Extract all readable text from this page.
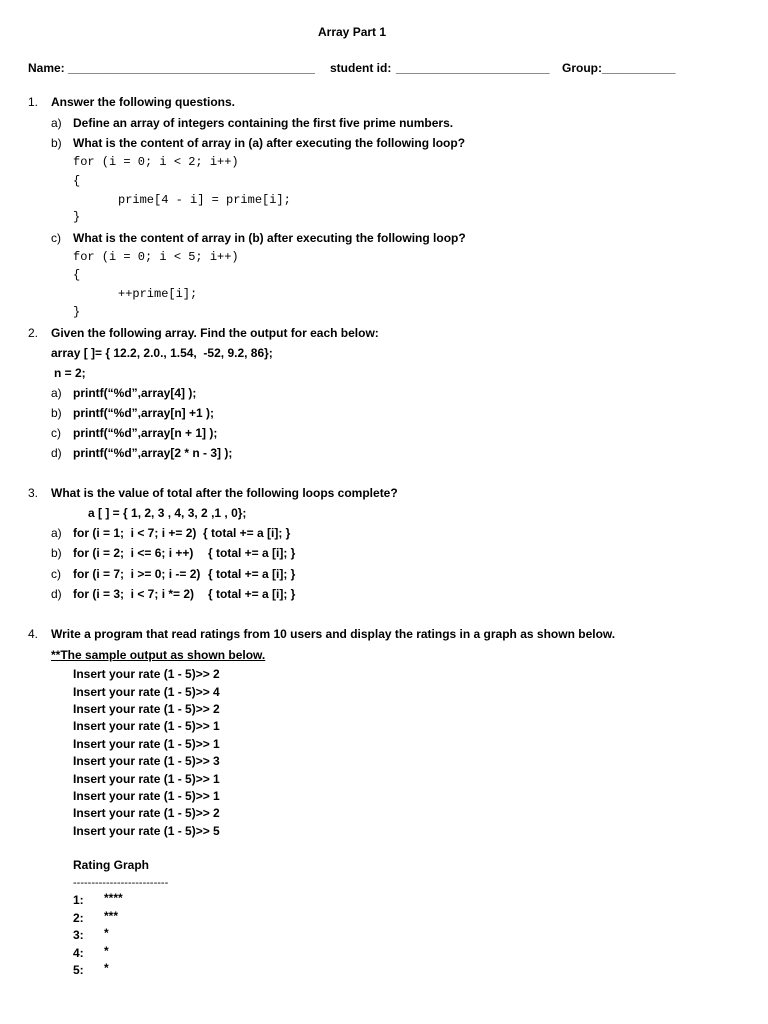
Array Part 1
Name: _____________________________________ student id: _______________________ Group: ___________
1. Answer the following questions.
a) Define an array of integers containing the first five prime numbers.
b) What is the content of array in (a) after executing the following loop?
for (i = 0; i < 2; i++)
{
prime[4 - i] = prime[i];
}
c) What is the content of array in (b) after executing the following loop?
for (i = 0; i < 5; i++)
{
++prime[i];
}
2. Given the following array. Find the output for each below:
array [ ]= { 12.2, 2.0., 1.54,  -52, 9.2, 86};
n = 2;
a) printf(“%d”,array[4] );
b) printf(“%d”,array[n] +1 );
c) printf(“%d”,array[n + 1] );
d) printf(“%d”,array[2 * n - 3] );
3. What is the value of total after the following loops complete?
a [ ] = { 1, 2, 3 , 4, 3, 2 ,1 , 0};
a) for (i = 1;  i < 7; i += 2) { total += a [i]; }
b) for (i = 2;  i <= 6; i ++) { total += a [i]; }
c) for (i = 7;  i >= 0; i -= 2) { total += a [i]; }
d) for (i = 3;  i < 7; i *= 2) { total += a [i]; }
4. Write a program that read ratings from 10 users and display the ratings in a graph as shown below.
**The sample output as shown below.
Insert your rate (1 - 5)>> 2
Insert your rate (1 - 5)>> 4
Insert your rate (1 - 5)>> 2
Insert your rate (1 - 5)>> 1
Insert your rate (1 - 5)>> 1
Insert your rate (1 - 5)>> 3
Insert your rate (1 - 5)>> 1
Insert your rate (1 - 5)>> 1
Insert your rate (1 - 5)>> 2
Insert your rate (1 - 5)>> 5
Rating Graph
--------------------------
1: ****
2: ***
3: *
4: *
5: *
